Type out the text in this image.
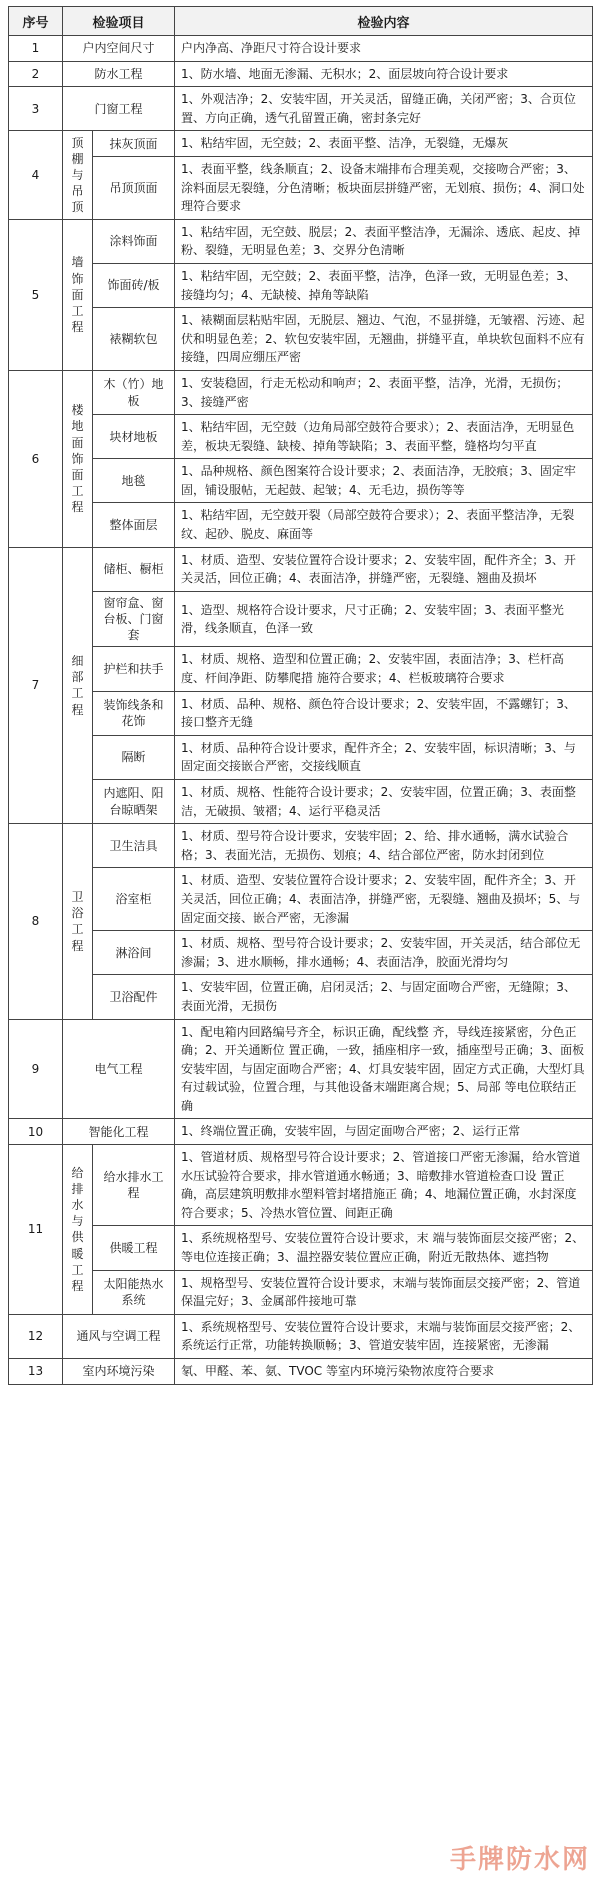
序号	检验项目		检验内容
1	户内空间尺寸		户内净高、净距尺寸符合设计要求
2	防水工程		1、防水墙、地面无渗漏、无积水；2、面层坡向符合设计要求
3	门窗工程		1、外观洁净；2、安装牢固，开关灵活，留缝正确，关闭严密；3、合页位置、方向正确，透气孔留置正确，密封条完好
4	顶棚与吊顶	抹灰顶面	1、粘结牢固，无空鼓；2、表面平整、洁净，无裂缝，无爆灰
		吊顶顶面	1、表面平整，线条顺直；2、设备末端排布合理美观，交接吻合严密；3、涂料面层无裂缝，分色清晰；板块面层拼缝严密，无划痕、损伤；4、洞口处理符合要求
5	墙饰面工程	涂料饰面	1、粘结牢固，无空鼓、脱层；2、表面平整洁净，无漏涂、透底、起皮、掉粉、裂缝，无明显色差；3、交界分色清晰
		饰面砖/板	1、粘结牢固，无空鼓；2、表面平整，洁净，色泽一致，无明显色差；3、接缝均匀；4、无缺棱、掉角等缺陷
		裱糊软包	1、裱糊面层粘贴牢固，无脱层、翘边、气泡，不显拼缝，无皱褶、污迹、起伏和明显色差；2、软包安装牢固，无翘曲，拼缝平直，单块软包面料不应有接缝，四周应绷压严密
6	楼地面饰面工程	木（竹）地板	1、安装稳固，行走无松动和响声；2、表面平整，洁净，光滑，无损伤；3、接缝严密
		块材地板	1、粘结牢固，无空鼓（边角局部空鼓符合要求）；2、表面洁净，无明显色差，板块无裂缝、缺棱、掉角等缺陷；3、表面平整，缝格均匀平直
		地毯	1、品种规格、颜色图案符合设计要求；2、表面洁净，无胶痕；3、固定牢固，铺设服帖，无起鼓、起皱；4、无毛边，损伤等等
		整体面层	1、粘结牢固，无空鼓开裂（局部空鼓符合要求）；2、表面平整洁净，无裂纹、起砂、脱皮、麻面等
7	细部工程	储柜、橱柜	1、材质、造型、安装位置符合设计要求；2、安装牢固，配件齐全；3、开关灵活，回位正确；4、表面洁净，拼缝严密，无裂缝、翘曲及损坏
		窗帘盒、窗台板、门窗套	1、造型、规格符合设计要求，尺寸正确；2、安装牢固；3、表面平整光滑，线条顺直，色泽一致
		护栏和扶手	1、材质、规格、造型和位置正确；2、安装牢固，表面洁净；3、栏杆高度、杆间净距、防攀爬措 施符合要求；4、栏板玻璃符合要求
		装饰线条和花饰	1、材质、品种、规格、颜色符合设计要求；2、安装牢固，不露螺钉；3、接口整齐无缝
		隔断	1、材质、品种符合设计要求，配件齐全；2、安装牢固，标识清晰；3、与固定面交接嵌合严密，交接线顺直
		内遮阳、阳台晾晒架	1、材质、规格、性能符合设计要求；2、安装牢固，位置正确；3、表面整洁，无破损、皱褶；4、运行平稳灵活
8	卫浴工程	卫生洁具	1、材质、型号符合设计要求，安装牢固；2、给、排水通畅，满水试验合格；3、表面光洁，无损伤、划痕；4、结合部位严密，防水封闭到位
		浴室柜	1、材质、造型、安装位置符合设计要求；2、安装牢固，配件齐全；3、开关灵活，回位正确；4、表面洁净，拼缝严密，无裂缝、翘曲及损坏；5、与固定面交接、嵌合严密，无渗漏
		淋浴间	1、材质、规格、型号符合设计要求；2、安装牢固，开关灵活，结合部位无渗漏；3、进水顺畅，排水通畅；4、表面洁净，胶面光滑均匀
		卫浴配件	1、安装牢固，位置正确，启闭灵活；2、与固定面吻合严密，无缝隙；3、表面光滑，无损伤
9	电气工程		1、配电箱内回路编号齐全，标识正确，配线整 齐，导线连接紧密，分色正确；2、开关通断位 置正确，一致，插座相序一致，插座型号正确；3、面板安装牢固，与固定面吻合严密；4、灯具安装牢固，固定方式正确，大型灯具有过载试验，位置合理，与其他设备末端距离合规；5、局部 等电位联结正确
10	智能化工程		1、终端位置正确，安装牢固，与固定面吻合严密；2、运行正常
11	给排水与供暖工程	给水排水工程	1、管道材质、规格型号符合设计要求；2、管道接口严密无渗漏，给水管道水压试验符合要求，排水管道通水畅通；3、暗敷排水管道检查口设 置正确，高层建筑明敷排水塑料管封堵措施正 确；4、地漏位置正确，水封深度符合要求；5、冷热水管位置、间距正确
		供暖工程	1、系统规格型号、安装位置符合设计要求，末 端与装饰面层交接严密；2、等电位连接正确；3、温控器安装位置应正确，附近无散热体、遮挡物
		太阳能热水系统	1、规格型号、安装位置符合设计要求，末端与装饰面层交接严密；2、管道保温完好；3、金属部件接地可靠
12	通风与空调工程		1、系统规格型号、安装位置符合设计要求，末端与装饰面层交接严密；2、系统运行正常，功能转换顺畅；3、管道安装牢固，连接紧密，无渗漏
13	室内环境污染		氡、甲醛、苯、氨、TVOC 等室内环境污染物浓度符合要求
手牌防水网
